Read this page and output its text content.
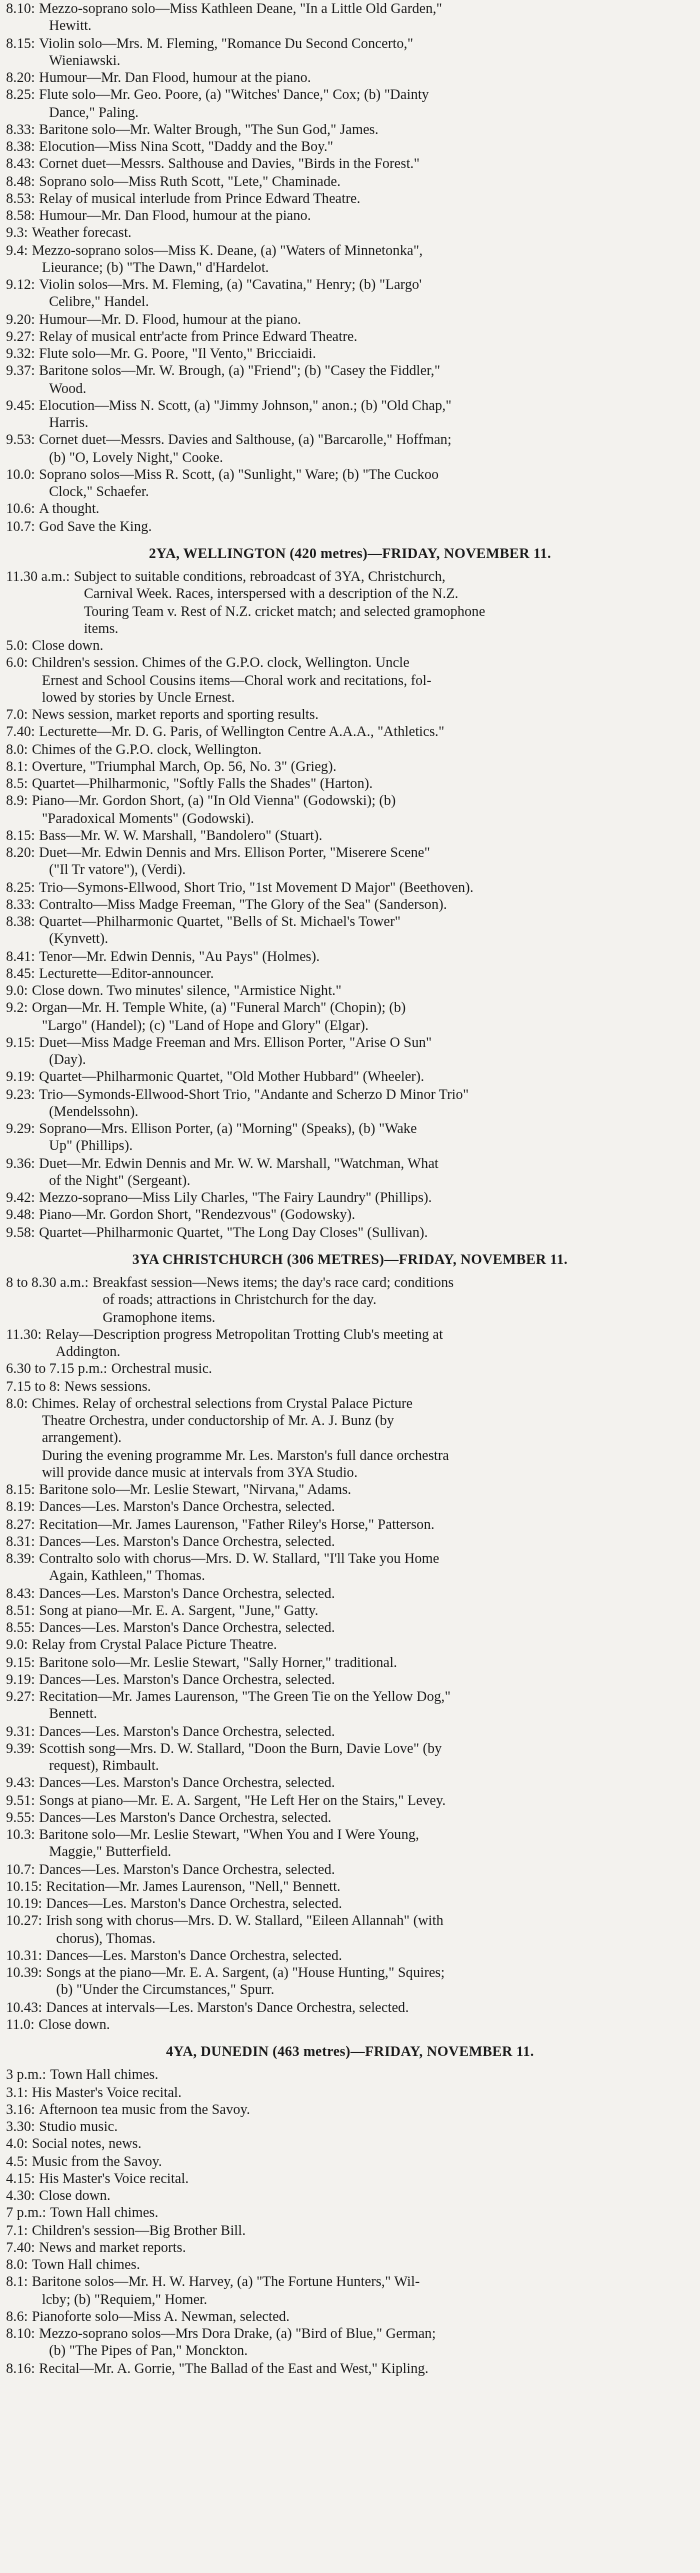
8.10: Mezzo-soprano solo—Miss Kathleen Deane, "In a Little Old Garden,"
Hewitt.
8.15: Violin solo—Mrs. M. Fleming, "Romance Du Second Concerto,"
Wieniawski.
8.20: Humour—Mr. Dan Flood, humour at the piano.
8.25: Flute solo—Mr. Geo. Poore, (a) "Witches' Dance," Cox; (b) "Dainty
Dance," Paling.
8.33: Baritone solo—Mr. Walter Brough, "The Sun God," James.
8.38: Elocution—Miss Nina Scott, "Daddy and the Boy."
8.43: Cornet duet—Messrs. Salthouse and Davies, "Birds in the Forest."
8.48: Soprano solo—Miss Ruth Scott, "Lete," Chaminade.
8.53: Relay of musical interlude from Prince Edward Theatre.
8.58: Humour—Mr. Dan Flood, humour at the piano.
9.3: Weather forecast.
9.4: Mezzo-soprano solos—Miss K. Deane, (a) "Waters of Minnetonka",
Lieurance; (b) "The Dawn," d'Hardelot.
9.12: Violin solos—Mrs. M. Fleming, (a) "Cavatina," Henry; (b) "Largo'
Celibre," Handel.
9.20: Humour—Mr. D. Flood, humour at the piano.
9.27: Relay of musical entr'acte from Prince Edward Theatre.
9.32: Flute solo—Mr. G. Poore, "Il Vento," Bricciaidi.
9.37: Baritone solos—Mr. W. Brough, (a) "Friend"; (b) "Casey the Fiddler,"
Wood.
9.45: Elocution—Miss N. Scott, (a) "Jimmy Johnson," anon.; (b) "Old Chap,"
Harris.
9.53: Cornet duet—Messrs. Davies and Salthouse, (a) "Barcarolle," Hoffman;
(b) "O, Lovely Night," Cooke.
10.0: Soprano solos—Miss R. Scott, (a) "Sunlight," Ware; (b) "The Cuckoo
Clock," Schaefer.
10.6: A thought.
10.7: God Save the King.
2YA, WELLINGTON (420 metres)—FRIDAY, NOVEMBER 11.
11.30 a.m.: Subject to suitable conditions, rebroadcast of 3YA, Christchurch,
Carnival Week. Races, interspersed with a description of the N.Z.
Touring Team v. Rest of N.Z. cricket match; and selected gramophone
items.
5.0: Close down.
6.0: Children's session. Chimes of the G.P.O. clock, Wellington. Uncle
Ernest and School Cousins items—Choral work and recitations, fol-
lowed by stories by Uncle Ernest.
7.0: News session, market reports and sporting results.
7.40: Lecturette—Mr. D. G. Paris, of Wellington Centre A.A.A., "Athletics."
8.0: Chimes of the G.P.O. clock, Wellington.
8.1: Overture, "Triumphal March, Op. 56, No. 3" (Grieg).
8.5: Quartet—Philharmonic, "Softly Falls the Shades" (Harton).
8.9: Piano—Mr. Gordon Short, (a) "In Old Vienna" (Godowski); (b)
"Paradoxical Moments" (Godowski).
8.15: Bass—Mr. W. W. Marshall, "Bandolero" (Stuart).
8.20: Duet—Mr. Edwin Dennis and Mrs. Ellison Porter, "Miserere Scene"
("Il Tr vatore"), (Verdi).
8.25: Trio—Symons-Ellwood, Short Trio, "1st Movement D Major" (Beethoven).
8.33: Contralto—Miss Madge Freeman, "The Glory of the Sea" (Sanderson).
8.38: Quartet—Philharmonic Quartet, "Bells of St. Michael's Tower"
(Kynvett).
8.41: Tenor—Mr. Edwin Dennis, "Au Pays" (Holmes).
8.45: Lecturette—Editor-announcer.
9.0: Close down. Two minutes' silence, "Armistice Night."
9.2: Organ—Mr. H. Temple White, (a) "Funeral March" (Chopin); (b)
"Largo" (Handel); (c) "Land of Hope and Glory" (Elgar).
9.15: Duet—Miss Madge Freeman and Mrs. Ellison Porter, "Arise O Sun"
(Day).
9.19: Quartet—Philharmonic Quartet, "Old Mother Hubbard" (Wheeler).
9.23: Trio—Symonds-Ellwood-Short Trio, "Andante and Scherzo D Minor Trio"
(Mendelssohn).
9.29: Soprano—Mrs. Ellison Porter, (a) "Morning" (Speaks), (b) "Wake
Up" (Phillips).
9.36: Duet—Mr. Edwin Dennis and Mr. W. W. Marshall, "Watchman, What
of the Night" (Sergeant).
9.42: Mezzo-soprano—Miss Lily Charles, "The Fairy Laundry" (Phillips).
9.48: Piano—Mr. Gordon Short, "Rendezvous" (Godowsky).
9.58: Quartet—Philharmonic Quartet, "The Long Day Closes" (Sullivan).
3YA CHRISTCHURCH (306 METRES)—FRIDAY, NOVEMBER 11.
8 to 8.30 a.m.: Breakfast session—News items; the day's race card; conditions
of roads; attractions in Christchurch for the day.
Gramophone items.
11.30: Relay—Description progress Metropolitan Trotting Club's meeting at
Addington.
6.30 to 7.15 p.m.: Orchestral music.
7.15 to 8: News sessions.
8.0: Chimes. Relay of orchestral selections from Crystal Palace Picture
Theatre Orchestra, under conductorship of Mr. A. J. Bunz (by
arrangement).
During the evening programme Mr. Les. Marston's full dance orchestra
will provide dance music at intervals from 3YA Studio.
8.15: Baritone solo—Mr. Leslie Stewart, "Nirvana," Adams.
8.19: Dances—Les. Marston's Dance Orchestra, selected.
8.27: Recitation—Mr. James Laurenson, "Father Riley's Horse," Patterson.
8.31: Dances—Les. Marston's Dance Orchestra, selected.
8.39: Contralto solo with chorus—Mrs. D. W. Stallard, "I'll Take you Home
Again, Kathleen," Thomas.
8.43: Dances—Les. Marston's Dance Orchestra, selected.
8.51: Song at piano—Mr. E. A. Sargent, "June," Gatty.
8.55: Dances—Les. Marston's Dance Orchestra, selected.
9.0: Relay from Crystal Palace Picture Theatre.
9.15: Baritone solo—Mr. Leslie Stewart, "Sally Horner," traditional.
9.19: Dances—Les. Marston's Dance Orchestra, selected.
9.27: Recitation—Mr. James Laurenson, "The Green Tie on the Yellow Dog,"
Bennett.
9.31: Dances—Les. Marston's Dance Orchestra, selected.
9.39: Scottish song—Mrs. D. W. Stallard, "Doon the Burn, Davie Love" (by
request), Rimbault.
9.43: Dances—Les. Marston's Dance Orchestra, selected.
9.51: Songs at piano—Mr. E. A. Sargent, "He Left Her on the Stairs," Levey.
9.55: Dances—Les Marston's Dance Orchestra, selected.
10.3: Baritone solo—Mr. Leslie Stewart, "When You and I Were Young,
Maggie," Butterfield.
10.7: Dances—Les. Marston's Dance Orchestra, selected.
10.15: Recitation—Mr. James Laurenson, "Nell," Bennett.
10.19: Dances—Les. Marston's Dance Orchestra, selected.
10.27: Irish song with chorus—Mrs. D. W. Stallard, "Eileen Allannah" (with
chorus), Thomas.
10.31: Dances—Les. Marston's Dance Orchestra, selected.
10.39: Songs at the piano—Mr. E. A. Sargent, (a) "House Hunting," Squires;
(b) "Under the Circumstances," Spurr.
10.43: Dances at intervals—Les. Marston's Dance Orchestra, selected.
11.0: Close down.
4YA, DUNEDIN (463 metres)—FRIDAY, NOVEMBER 11.
3 p.m.: Town Hall chimes.
3.1: His Master's Voice recital.
3.16: Afternoon tea music from the Savoy.
3.30: Studio music.
4.0: Social notes, news.
4.5: Music from the Savoy.
4.15: His Master's Voice recital.
4.30: Close down.
7 p.m.: Town Hall chimes.
7.1: Children's session—Big Brother Bill.
7.40: News and market reports.
8.0: Town Hall chimes.
8.1: Baritone solos—Mr. H. W. Harvey, (a) "The Fortune Hunters," Wil-
lcby; (b) "Requiem," Homer.
8.6: Pianoforte solo—Miss A. Newman, selected.
8.10: Mezzo-soprano solos—Mrs Dora Drake, (a) "Bird of Blue," German;
(b) "The Pipes of Pan," Monckton.
8.16: Recital—Mr. A. Gorrie, "The Ballad of the East and West," Kipling.
